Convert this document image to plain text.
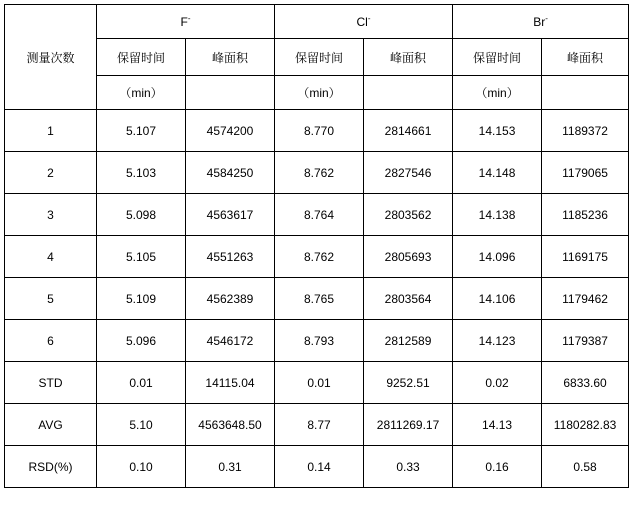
测量次数	F-		Cl-		Br-
	保留时间	峰面积	保留时间	峰面积	保留时间	峰面积
	（min）		（min）		（min）	
1	5.107	4574200	8.770	2814661	14.153	1189372
2	5.103	4584250	8.762	2827546	14.148	1179065
3	5.098	4563617	8.764	2803562	14.138	1185236
4	5.105	4551263	8.762	2805693	14.096	1169175
5	5.109	4562389	8.765	2803564	14.106	1179462
6	5.096	4546172	8.793	2812589	14.123	1179387
STD	0.01	14115.04	0.01	9252.51	0.02	6833.60
AVG	5.10	4563648.50	8.77	2811269.17	14.13	1180282.83
RSD(%)	0.10	0.31	0.14	0.33	0.16	0.58
